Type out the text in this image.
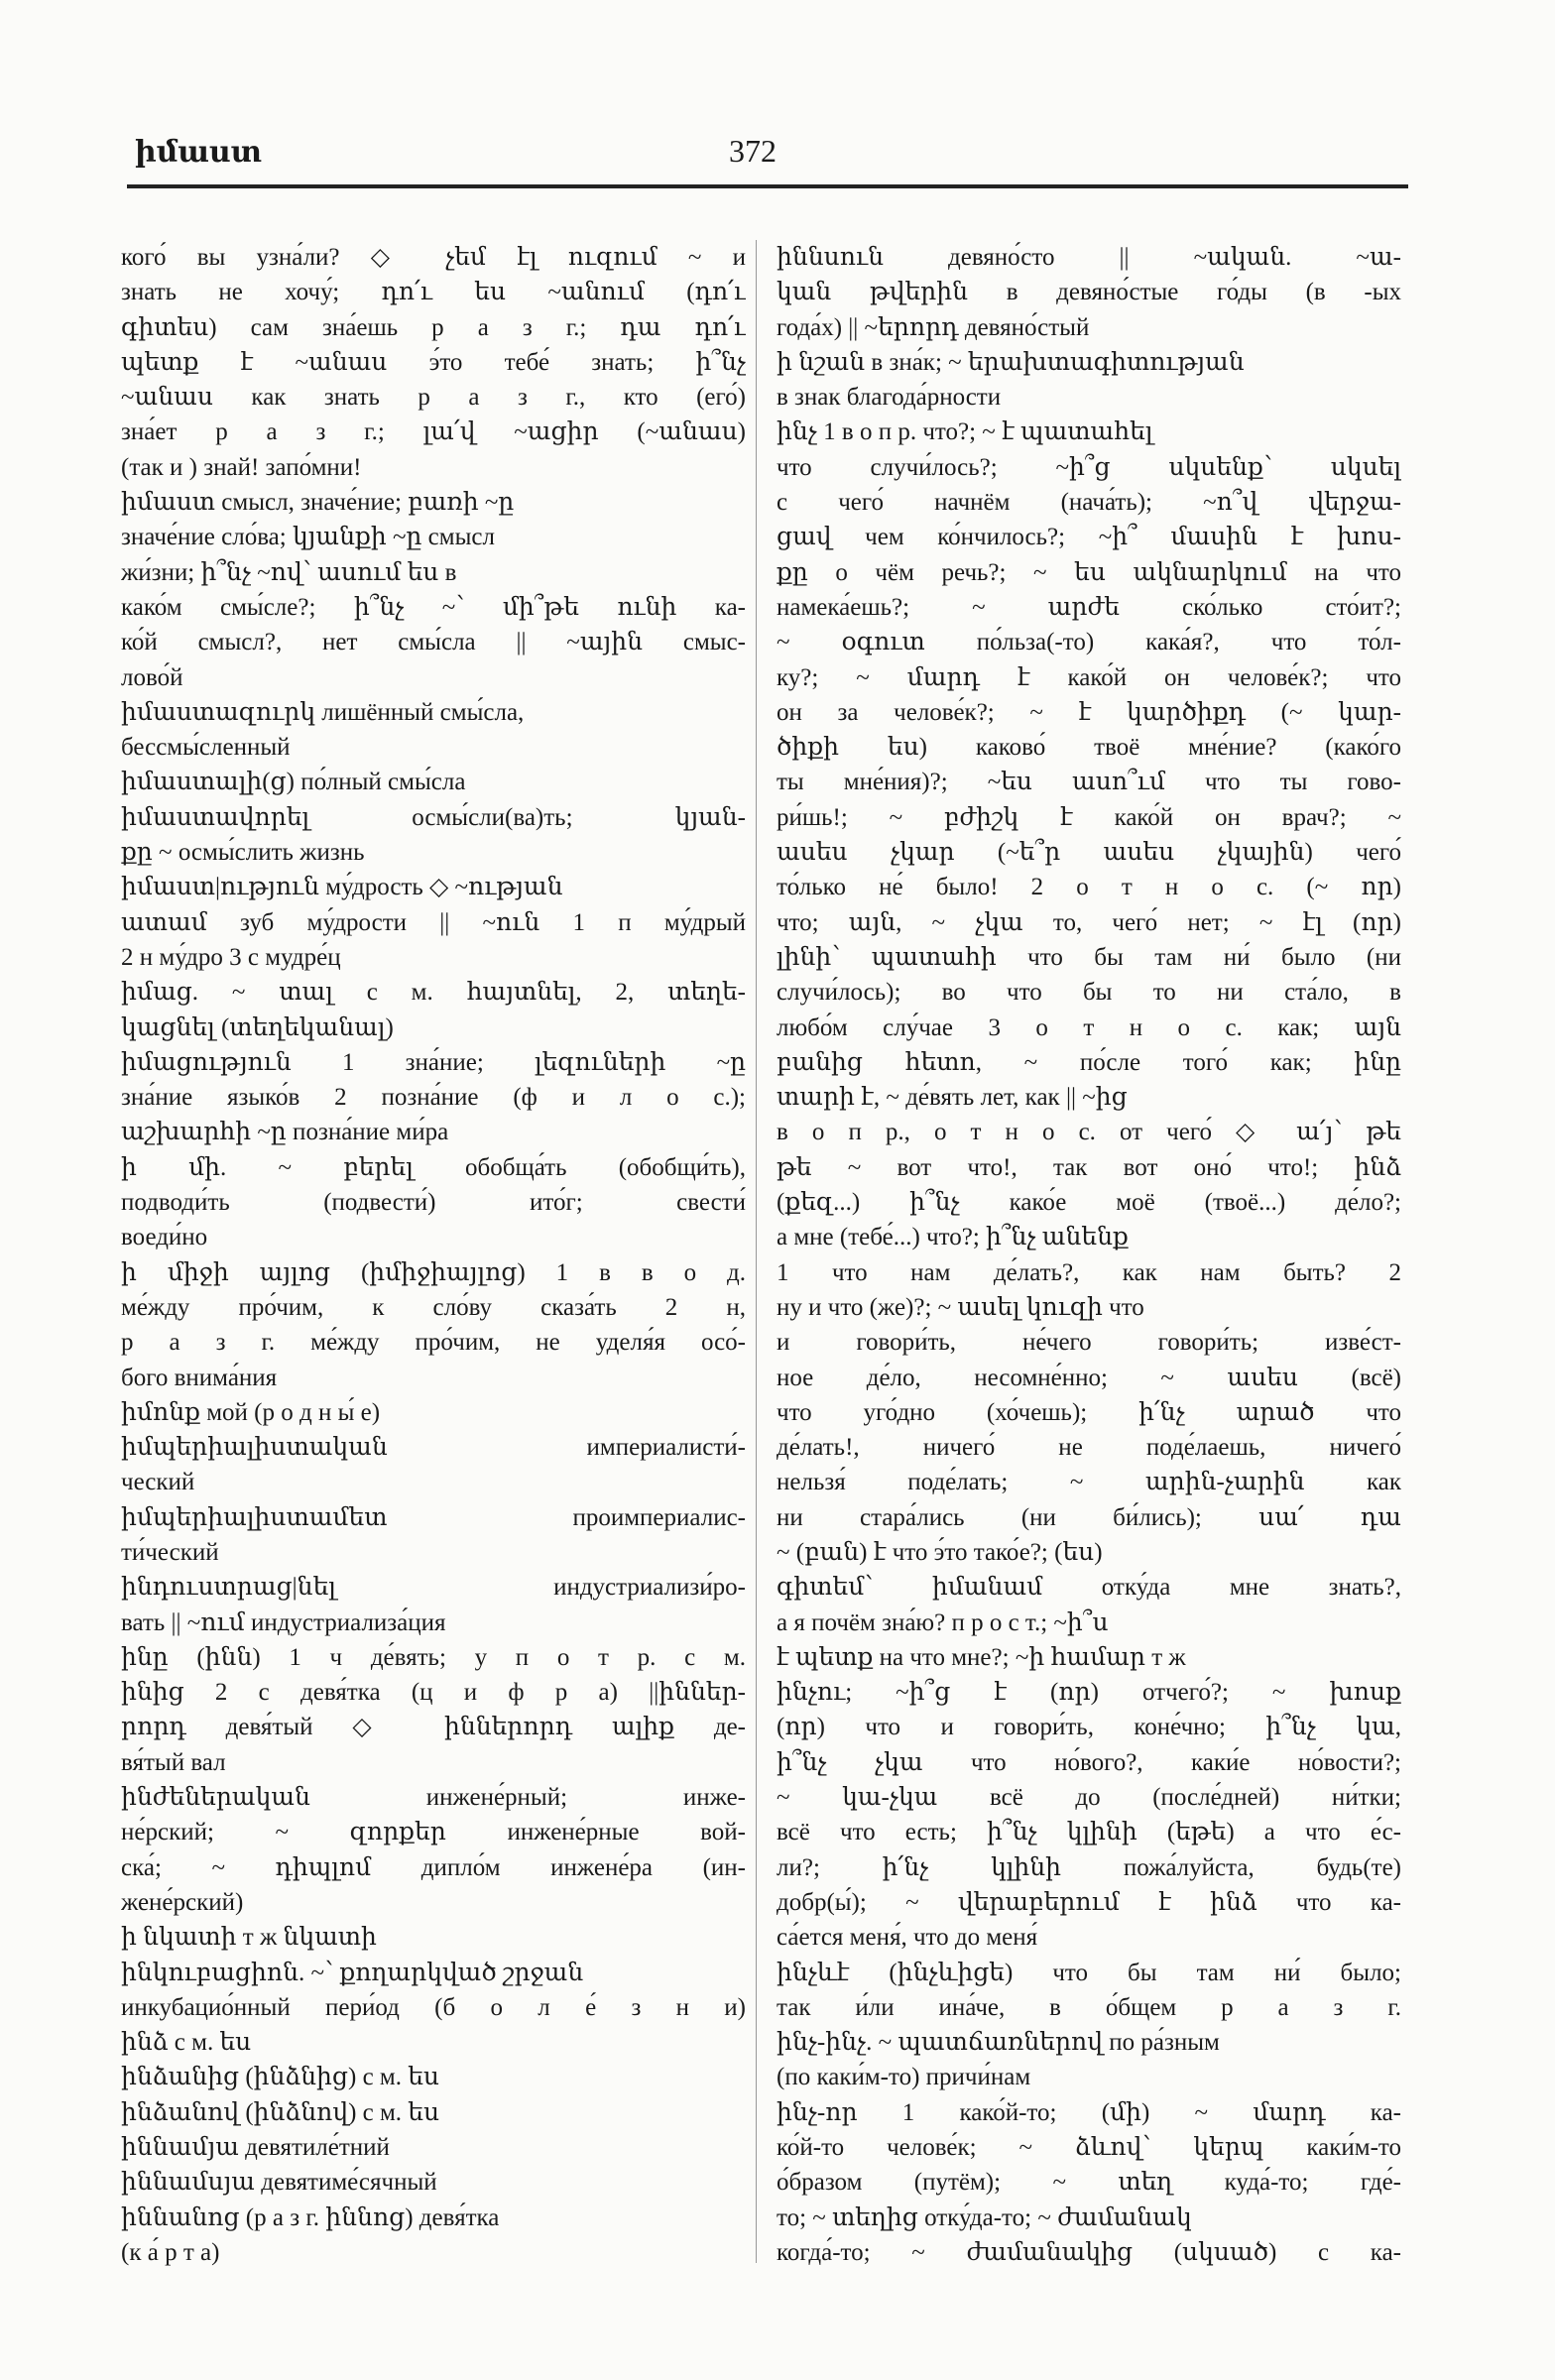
իմաստ	372
кого́ вы узна́ли? ◇ չեմ էլ ուզում ~ и
знать не хочу́; դո՛ւ ես ~անում (դո՛ւ
գիտես) сам зна́ешь р а з г.; դա դո՛ւ
պետք է ~անաս э́то тебе́ знать; ի՞նչ
~անաս как знать р а з г., кто (его́)
зна́ет р а з г.; լա՛վ ~ացիր (~անաս)
(так и ) знай! запо́мни!
իմաստ смысл, значе́ние; բառի ~ը
значе́ние сло́ва; կյանքի ~ը смысл
жи́зни; ի՞նչ ~ով՝ ասում ես в
како́м смы́сле?; ի՞նչ ~՝ մի՞թե ունի ка-
ко́й смысл?, нет смы́сла || ~ային смыс-
лово́й
իմաստազուրկ лишённый смы́сла,
бессмы́сленный
իմաստալի(ց) по́лный смы́сла
իմաստավորել осмы́сли(ва)ть; կյան-
քը ~ осмы́слить жизнь
իմաստ|ություն му́дрость ◇ ~ության
ատամ зуб му́дрости || ~ուն 1 п му́дрый
2 н му́дро 3 с мудре́ц
իմաց. ~ տալ с м. հայտնել, 2, տեղե-
կացնել (տեղեկանալ)
իմացություն 1 зна́ние; լեզուների ~ը
зна́ние языко́в 2 позна́ние (ф и л о с.);
աշխարհի ~ը позна́ние ми́ра
ի մի. ~ բերել обобща́ть (обобщи́ть),
подводи́ть (подвести́) ито́г; свести́
воеди́но
ի միջի այլոց (իմիջիայլոց) 1 в в о д.
ме́жду про́чим, к сло́ву сказа́ть 2 н,
р а з г. ме́жду про́чим, не уделя́я осо́-
бого внима́ния
իմոնք мой (р о д н ы́ е)
իմպերիալիստական империалисти́-
ческий
իմպերիալիստամետ проимпериалис-
ти́ческий
ինդուստրաց|նել индустриализи́ро-
вать || ~ում индустриализа́ция
ինը (ինն) 1 ч де́вять; у п о т р. с м.
ինից 2 с девя́тка (ц и ф р а) ||իններ-
րորդ девя́тый ◇ իններորդ ալիք де-
вя́тый вал
ինժեներական инжене́рный; инже-
не́рский; ~ զորքեր инжене́рные вой-
ска́; ~ դիպլոմ дипло́м инжене́ра (ин-
жене́рский)
ի նկատի т ж նկատի
ինկուբացիոն. ~՝ քողարկված շրջան
инкубацио́нный пери́од (б о л е́ з н и)
ինձ с м. ես
ինձանից (ինձնից) с м. ես
ինձանով (ինձնով) с м. ես
իննամյա девятиле́тний
իննամսյա девятиме́сячный
իննանոց (р а з г. իննոց) девя́тка
(к а́ р т а)
իննսուն девяно́сто || ~ական. ~ա-
կան թվերին в девяно́стые го́ды (в -ых
года́х) || ~երորդ девяно́стый
ի նշան в зна́к; ~ երախտագիտության
в знак благода́рности
ինչ 1 в о п р. что?; ~ է պատահել
что случи́лось?; ~ի՞ց սկսենք՝ սկսել
с чего́ начнём (нача́ть); ~ո՞վ վերջա-
ցավ чем ко́нчилось?; ~ի՞ մասին է խոս-
քը о чём речь?; ~ ես ակնարկում на что
намека́ешь?; ~ արժե ско́лько сто́ит?;
~ օգուտ по́льза(-то) кака́я?, что то́л-
ку?; ~ մարդ է како́й он челове́к?; что
он за челове́к?; ~ է կարծիքդ (~ կար-
ծիքի ես) каково́ твоё мне́ние? (како́го
ты мне́ния)?; ~ես ասո՞ւմ что ты гово-
ри́шь!; ~ բժիշկ է како́й он врач?; ~
ասես չկար (~ե՞ր ասես չկային) чего́
то́лько не́ было! 2 о т н о с. (~ որ)
что; այն, ~ չկա то, чего́ нет; ~ էլ (որ)
լինի՝ պատահի что бы там ни́ было (ни
случи́лось); во что бы то ни ста́ло, в
любо́м слу́чае 3 о т н о с. как; այն
բանից հետո, ~ по́сле того́ как; ինը
տարի է, ~ де́вять лет, как || ~ից
в о п р., о т н о с. от чего́ ◇ ա՛յ՝ թե
թե ~ вот что!, так вот оно́ что!; ինձ
(քեզ...) ի՞նչ како́е моё (твоё...) де́ло?;
а мне (тебе́...) что?; ի՞նչ անենք
1 что нам де́лать?, как нам быть? 2
ну и что (же)?; ~ ասել կուզի что
и говори́ть, не́чего говори́ть; изве́ст-
ное де́ло, несомне́нно; ~ ասես (всё)
что уго́дно (хо́чешь); ի՛նչ արած что
де́лать!, ничего́ не поде́лаешь, ничего́
нельзя́ поде́лать; ~ արին-չարին как
ни стара́лись (ни би́лись); սա՛ դա
~ (բան) է что э́то тако́е?; (ես)
գիտեմ՝ իմանամ отку́да мне знать?,
а я почём зна́ю? п р о с т.; ~ի՞ս
է պետք на что мне?; ~ի համար т ж
ինչու; ~ի՞ց է (որ) отчего́?; ~ խոսք
(որ) что и говори́ть, коне́чно; ի՞նչ կա,
ի՞նչ չկա что но́вого?, каки́е но́вости?;
~ կա-չկա всё до (после́дней) ни́тки;
всё что есть; ի՞նչ կլինի (եթե) а что е́с-
ли?; ի՛նչ կլինի пожа́луйста, будь(те)
добр(ы́); ~ վերաբերում է ինձ что ка-
са́ется меня́, что до меня́
ինչևէ (ինչևիցե) что бы там ни́ было;
так и́ли ина́че, в о́бщем р а з г.
ինչ-ինչ. ~ պատճառներով по ра́зным
(по каки́м-то) причи́нам
ինչ-որ 1 како́й-то; (մի) ~ մարդ ка-
ко́й-то челове́к; ~ ձևով՝ կերպ каки́м-то
о́бразом (путём); ~ տեղ куда́-то; где́-
то; ~ տեղից отку́да-то; ~ ժամանակ
когда́-то; ~ ժամանակից (սկսած) с ка-
